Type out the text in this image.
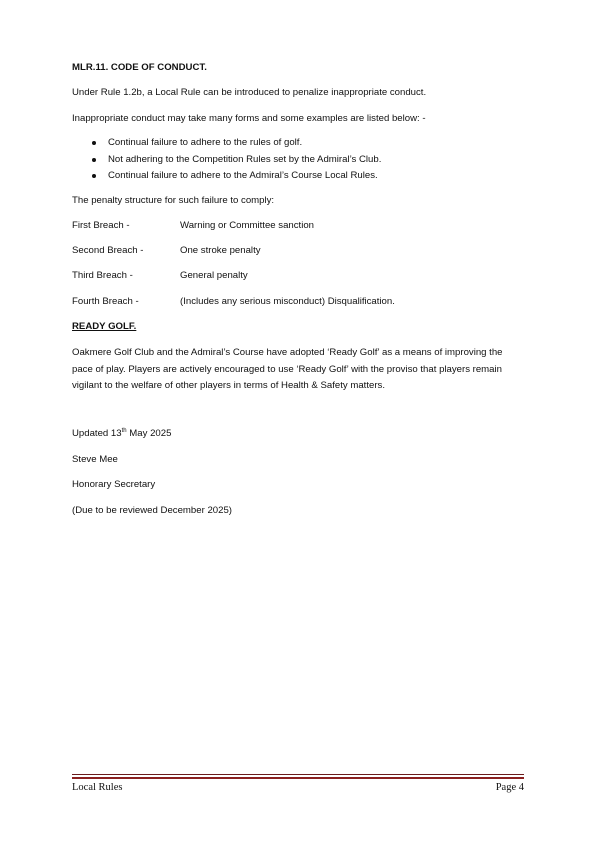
MLR.11. CODE OF CONDUCT.
Under Rule 1.2b, a Local Rule can be introduced to penalize inappropriate conduct.
Inappropriate conduct may take many forms and some examples are listed below: -
Continual failure to adhere to the rules of golf.
Not adhering to the Competition Rules set by the Admiral’s Club.
Continual failure to adhere to the Admiral’s Course Local Rules.
The penalty structure for such failure to comply:
First Breach -	Warning or Committee sanction
Second Breach -	One stroke penalty
Third Breach -	General penalty
Fourth Breach -	(Includes any serious misconduct) Disqualification.
READY GOLF.
Oakmere Golf Club and the Admiral’s Course have adopted ‘Ready Golf’ as a means of improving the pace of play. Players are actively encouraged to use ‘Ready Golf’ with the proviso that players remain vigilant to the welfare of other players in terms of Health & Safety matters.
Updated 13th May 2025
Steve Mee
Honorary Secretary
(Due to be reviewed December 2025)
Local Rules	Page 4
